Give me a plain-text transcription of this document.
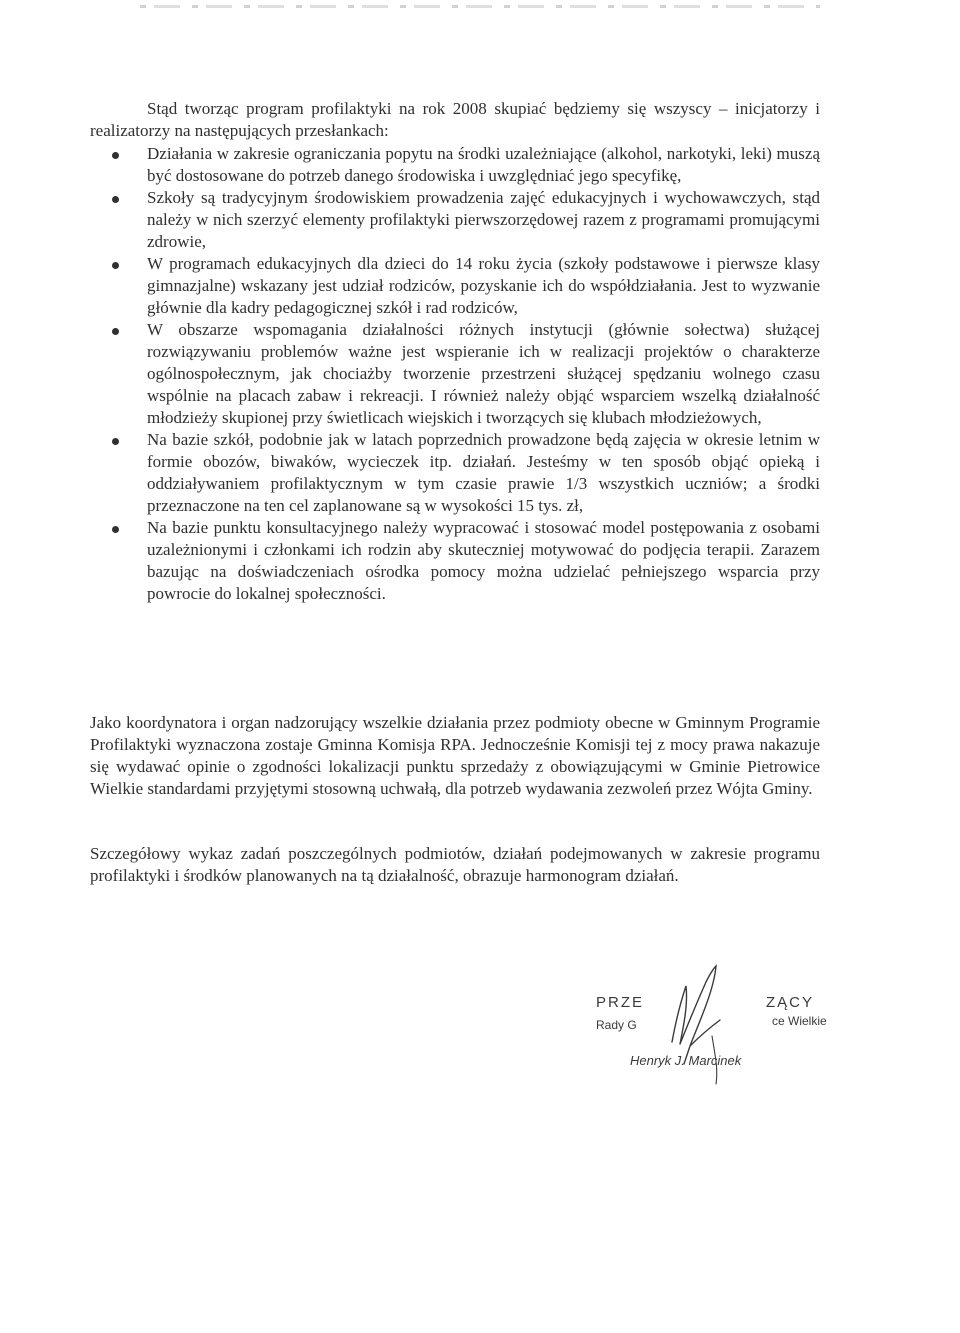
Stąd tworząc program profilaktyki na rok 2008 skupiać będziemy się wszyscy – inicjatorzy i realizatorzy na następujących przesłankach:

Działania w zakresie ograniczania popytu na środki uzależniające (alkohol, narkotyki, leki) muszą być dostosowane do potrzeb danego środowiska i uwzględniać jego specyfikę,
Szkoły są tradycyjnym środowiskiem prowadzenia zajęć edukacyjnych i wychowawczych, stąd należy w nich szerzyć elementy profilaktyki pierwszorzędowej razem z programami promującymi zdrowie,
W programach edukacyjnych dla dzieci do 14 roku życia (szkoły podstawowe i pierwsze klasy gimnazjalne) wskazany jest udział rodziców, pozyskanie ich do współdziałania. Jest to wyzwanie głównie dla kadry pedagogicznej szkół i rad rodziców,
W obszarze wspomagania działalności różnych instytucji (głównie sołectwa) służącej rozwiązywaniu problemów ważne jest wspieranie ich w realizacji projektów o charakterze ogólnospołecznym, jak chociażby tworzenie przestrzeni służącej spędzaniu wolnego czasu wspólnie na placach zabaw i rekreacji. I również należy objąć wsparciem wszelką działalność młodzieży skupionej przy świetlicach wiejskich i tworzących się klubach młodzieżowych,
Na bazie szkół, podobnie jak w latach poprzednich prowadzone będą zajęcia w okresie letnim w formie obozów, biwaków, wycieczek itp. działań. Jesteśmy w ten sposób objąć opieką i oddziaływaniem profilaktycznym w tym czasie prawie 1/3 wszystkich uczniów; a środki przeznaczone na ten cel zaplanowane są w wysokości 15 tys. zł,
Na bazie punktu konsultacyjnego należy wypracować i stosować model postępowania z osobami uzależnionymi i członkami ich rodzin aby skuteczniej motywować do podjęcia terapii. Zarazem bazując na doświadczeniach ośrodka pomocy można udzielać pełniejszego wsparcia przy powrocie do lokalnej społeczności.

Jako koordynatora i organ nadzorujący wszelkie działania przez podmioty obecne w Gminnym Programie Profilaktyki wyznaczona zostaje Gminna Komisja RPA. Jednocześnie Komisji tej z mocy prawa nakazuje się wydawać opinie o zgodności lokalizacji punktu sprzedaży z obowiązującymi w Gminie Pietrowice Wielkie standardami przyjętymi stosowną uchwałą, dla potrzeb wydawania zezwoleń przez Wójta Gminy.

Szczegółowy wykaz zadań poszczególnych podmiotów, działań podejmowanych w zakresie programu profilaktyki i środków planowanych na tą działalność, obrazuje harmonogram działań.

PRZE	ZĄCY
Rady G	ce Wielkie
Henryk J. Marcinek
